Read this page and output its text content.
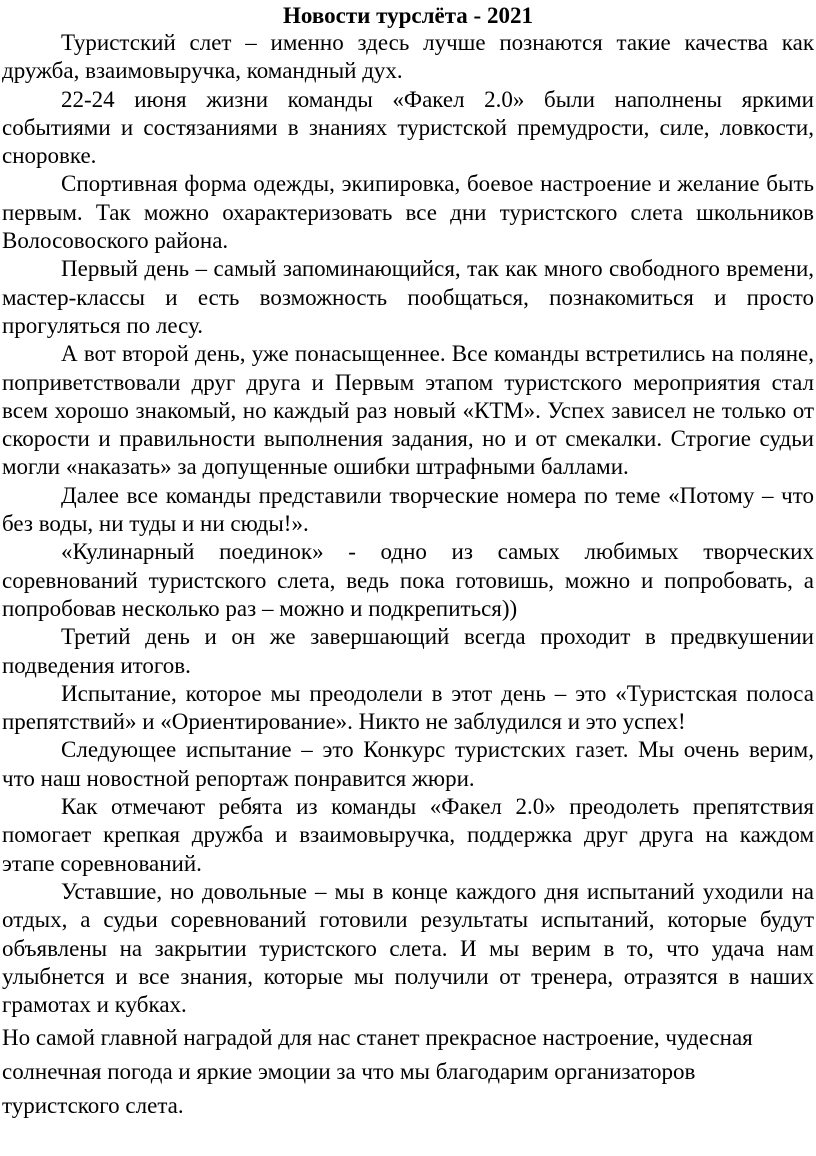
Новости турслёта - 2021

Туристский слет – именно здесь лучше познаются такие качества как дружба, взаимовыручка, командный дух.

22-24 июня жизни команды «Факел 2.0» были наполнены яркими событиями и состязаниями в знаниях туристской премудрости, силе, ловкости, сноровке.

Спортивная форма одежды, экипировка, боевое настроение и желание быть первым. Так можно охарактеризовать все дни туристского слета школьников Волосовоского района.

Первый день – самый запоминающийся, так как много свободного времени, мастер-классы и есть возможность пообщаться, познакомиться и просто прогуляться по лесу.

А вот второй день, уже понасыщеннее. Все команды встретились на поляне, поприветствовали друг друга и Первым этапом туристского мероприятия стал всем хорошо знакомый, но каждый раз новый «КТМ». Успех зависел не только от скорости и правильности выполнения задания, но и от смекалки. Строгие судьи могли «наказать» за допущенные ошибки штрафными баллами.

Далее все команды представили творческие номера по теме «Потому – что без воды, ни туды и ни сюды!».

«Кулинарный поединок» - одно из самых любимых творческих соревнований туристского слета, ведь пока готовишь, можно и попробовать, а попробовав несколько раз – можно и подкрепиться))

Третий день и он же завершающий всегда проходит в предвкушении подведения итогов.

Испытание, которое мы преодолели в этот день – это «Туристская полоса препятствий» и «Ориентирование». Никто не заблудился и это успех!

Следующее испытание – это Конкурс туристских газет. Мы очень верим, что наш новостной репортаж понравится жюри.

Как отмечают ребята из команды «Факел 2.0» преодолеть препятствия помогает крепкая дружба и взаимовыручка, поддержка друг друга на каждом этапе соревнований.

Уставшие, но довольные – мы в конце каждого дня испытаний уходили на отдых, а судьи соревнований готовили результаты испытаний, которые будут объявлены на закрытии туристского слета. И мы верим в то, что удача нам улыбнется и все знания, которые мы получили от тренера, отразятся в наших грамотах и кубках.

Но самой главной наградой для нас станет прекрасное настроение, чудесная солнечная погода и яркие эмоции за что мы благодарим организаторов туристского слета.
